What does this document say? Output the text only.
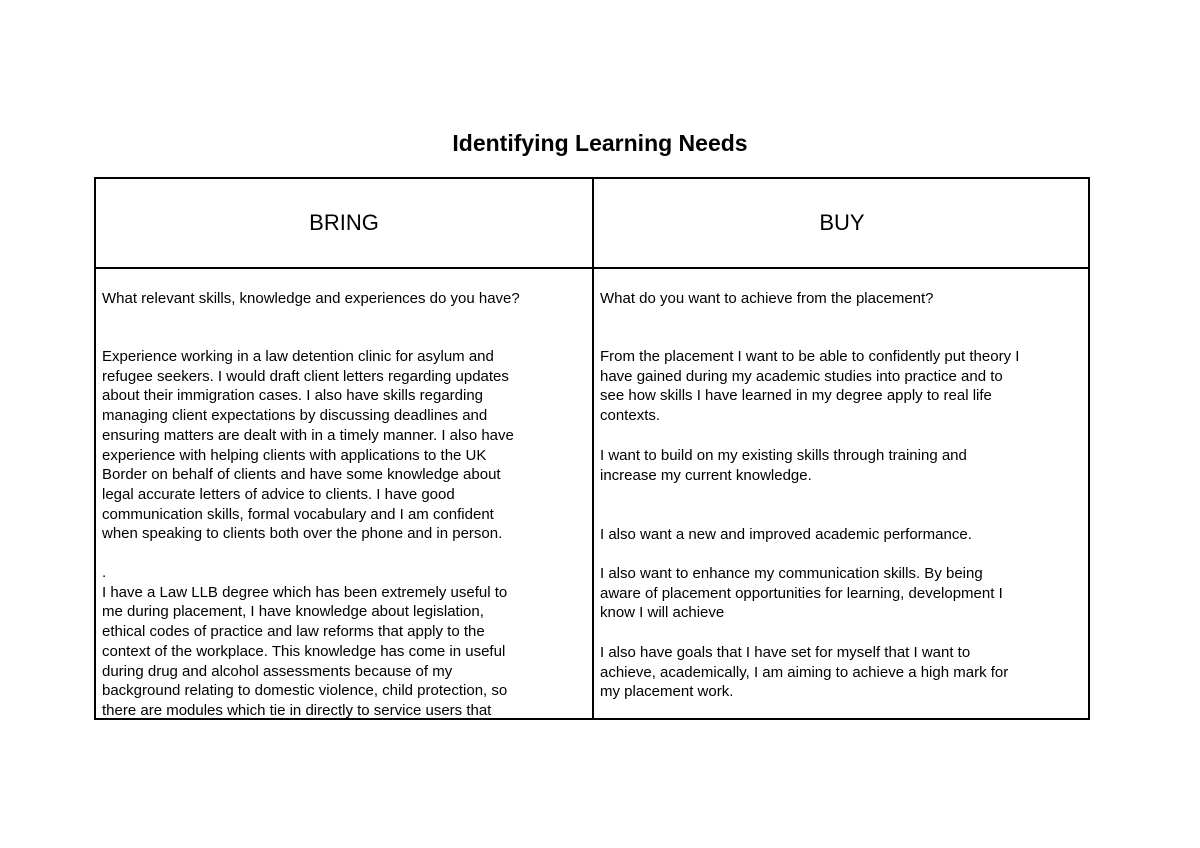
Identifying Learning Needs
BRING	BUY

What relevant skills, knowledge and experiences do you have?

Experience working in a law detention clinic for asylum and
refugee seekers. I would draft client letters regarding updates
about their immigration cases. I also have skills regarding
managing client expectations by discussing deadlines and
ensuring matters are dealt with in a timely manner. I also have
experience with helping clients with applications to the UK
Border on behalf of clients and have some knowledge about
legal accurate letters of advice to clients. I have good
communication skills, formal vocabulary and I am confident
when speaking to clients both over the phone and in person.

.
I have a Law LLB degree which has been extremely useful to
me during placement, I have knowledge about legislation,
ethical codes of practice and law reforms that apply to the
context of the workplace. This knowledge has come in useful
during drug and alcohol assessments because of my
background relating to domestic violence, child protection, so
there are modules which tie in directly to service users that

What do you want to achieve from the placement?

From the placement I want to be able to confidently put theory I
have gained during my academic studies into practice and to
see how skills I have learned in my degree apply to real life
contexts.

I want to build on my existing skills through training and
increase my current knowledge.

I also want a new and improved academic performance.

I also want to enhance my communication skills. By being
aware of placement opportunities for learning, development I
know I will achieve

I also have goals that I have set for myself that I want to
achieve, academically, I am aiming to achieve a high mark for
my placement work.
